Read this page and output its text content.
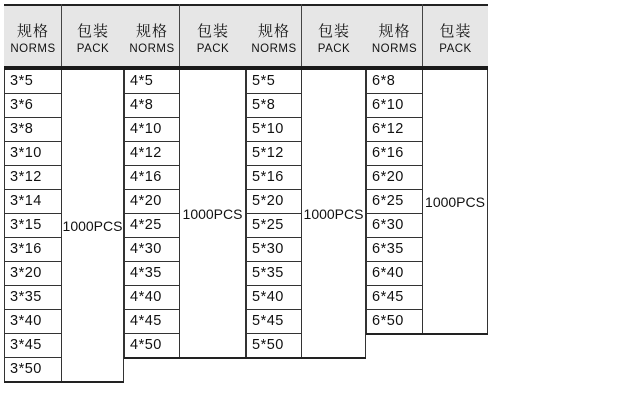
规格
NORMS
包装
PACK
3*5
3*6
3*8
3*10
3*12
3*14
3*15
3*16
3*20
3*35
3*40
3*45
3*50
1000PCS
规格
NORMS
包装
PACK
4*5
4*8
4*10
4*12
4*16
4*20
4*25
4*30
4*35
4*40
4*45
4*50
1000PCS
规格
NORMS
包装
PACK
5*5
5*8
5*10
5*12
5*16
5*20
5*25
5*30
5*35
5*40
5*45
5*50
1000PCS
规格
NORMS
包装
PACK
6*8
6*10
6*12
6*16
6*20
6*25
6*30
6*35
6*40
6*45
6*50
1000PCS
